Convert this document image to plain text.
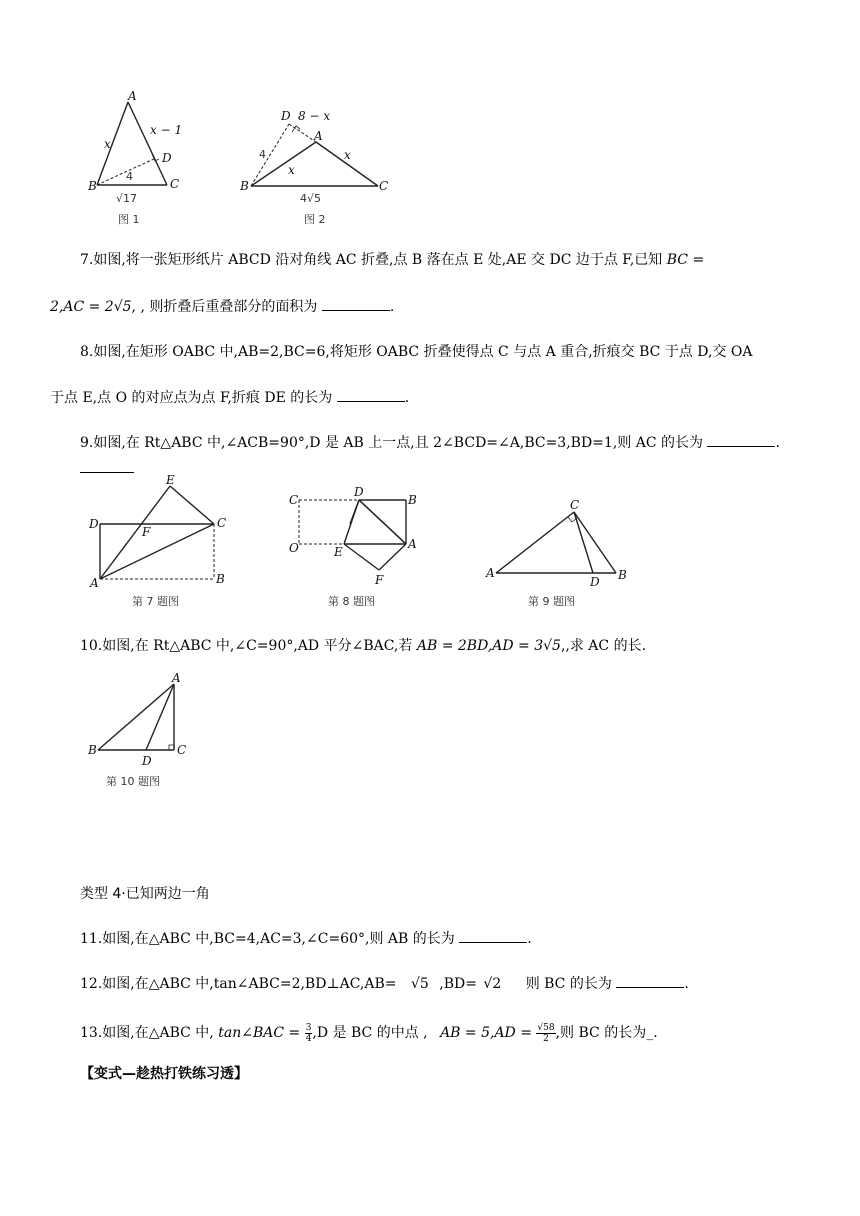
A
B	C
D
x
x − 1
4
√17
图 1
D
A
B	C
4
8 − x
x
x
4√5
图 2
7.如图,将一张矩形纸片 ABCD 沿对角线 AC 折叠,点 B 落在点 E 处,AE 交 DC 边于点 F,已知 BC =
2,AC = 2√5, , 则折叠后重叠部分的面积为	.
8.如图,在矩形 OABC 中,AB=2,BC=6,将矩形 OABC 折叠使得点 C 与点 A 重合,折痕交 BC 于点 D,交 OA
于点 E,点 O 的对应点为点 F,折痕 DE 的长为	.
9.如图,在 Rt△ABC 中,∠ACB=90°,D 是 AB 上一点,且 2∠BCD=∠A,BC=3,BD=1,则 AC 的长为	.
E
D	C
F
A	B
第 7 题图
C
D
B
O	E
A
F
第 8 题图
C
A
D B
第 9 题图
10.如图,在 Rt△ABC 中,∠C=90°,AD 平分∠BAC,若 AB = 2BD,AD = 3√5,,求 AC 的长.
A
B
D
C
第 10 题图
类型 4·已知两边一角
11.如图,在△ABC 中,BC=4,AC=3,∠C=60°,则 AB 的长为	.
12.如图,在△ABC 中,tan∠ABC=2,BD⊥AC,AB= √5 ,BD= √2 则 BC 的长为	.
13.如图,在△ABC 中, tan∠BAC = $\frac{3}{4} ,D$ 是 BC 的中点 , AB = $5,AD = \frac{√58}{2}$ ,则 BC 的长为_.
【变式—趁热打铁练习透】
